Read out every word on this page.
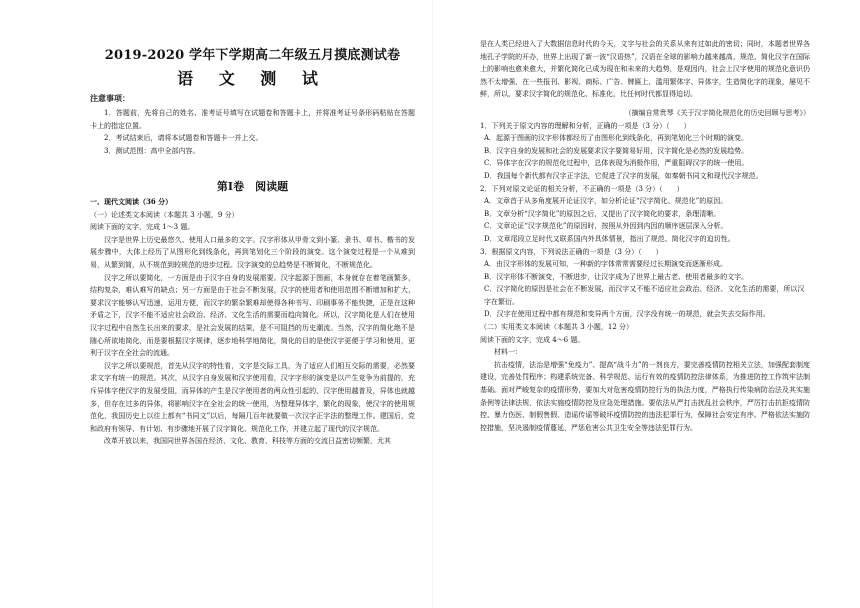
2019-2020 学年下学期高二年级五月摸底测试卷
语 文 测 试
注意事项：

1．答题前，先将自己的姓名、准考证号填写在试题卷和答题卡上，并将准考证号条形码粘贴在答题卡上的指定位置。

2．考试结束后，请将本试题卷和答题卡一并上交。

3．测试范围：高中全部内容。

第Ⅰ卷　阅读题

一、现代文阅读（36 分）

（一）论述类文本阅读（本题共 3 小题，9 分）

阅读下面的文字，完成 1～3 题。

汉字是世界上历史最悠久、使用人口最多的文字。汉字形体从甲骨文到小篆、隶书、草书、楷书的发展步骤中，大体上经历了从图形化到线条化，再到笔划化三个阶段的演变。这个演变过程是一个从难到易，从繁到简，从不规范到较规范的进步过程。汉字演变的总趋势是不断简化，不断规范化。

汉字之所以要简化，一方面是由于汉字自身的发展需要。汉字起源于图画，本身就存在着笔画繁多，结构复杂，难认难写的缺点；另一方面是由于社会不断发展，汉字的使用者和使用范围不断增加和扩大，要求汉字能够认写迅速，运用方便，而汉字的繁杂繁难却使得各种书写、印刷事务不能快捷，正是在这种矛盾之下，汉字不能不适应社会政治、经济、文化生活的需要而趋向简化。所以，汉字简化是人们在使用汉字过程中自然生长出来的要求，是社会发展的结果，是不可阻挡的历史潮流。当然，汉字的简化绝不是随心所欲地简化，而是要根据汉字规律，逐步地科学地简化，简化的目的是使汉字更便于学习和使用，更利于汉字在全社会的流通。

汉字之所以要规范，首先从汉字的特性看，文字是交际工具，为了适应人们相互交际的需要，必然要求文字有统一的规范。其次，从汉字自身发展和汉字使用看，汉字字形的演变是以产生竞争为前提的，充斥异体字使汉字的发展受阻，而异体的产生是汉字使用者的两众性引起的，汉字使用越普及，异体也就越多，但存在过多的异体，将影响汉字在全社会的统一使用，为整理异体字，繁化的现象，使汉字的使用规范化，我国历史上以往上都有“书同文”以后，每隔几百年就要做一次汉字正字法的整理工作。建国后，党和政府有领导、有计划、有步骤地开展了汉字简化、规范化工作，并建立起了现代的汉字规范。

改革开放以来，我国同世界各国在经济、文化、教育、科技等方面的交流日益密切频繁，尤其

是在人类已经进入了大数据信息时代的今天，文字与社会的关系从来有过如此的密切；同时，本题者世界各地孔子学院的开办，世界上出现了新一波“汉语热”，汉语在全球的影响力越来越高，规范、简化汉字在国际上的影响也愈来愈大，并繁化简化已成为现在和未来的大趋势，是观因内，社会上汉字使用的规范化意识仍然不太增强，在一些报刊、影视、商标、广告、牌匾上，滥用繁体字、异体字，生造简化字的现象，屡见不鲜，所以，要求汉字简化的规范化、标准化，比任何时代都显得迫切。

（摘编自常贵琴《关于汉字简化规范化的历史回顾与思考》）

1．下列关于原文内容的理解和分析，正确的一项是（3 分）（　　）

A．起源于图画的汉字形体都经历了由图形化到线条化，再到笔划化三个时期的演变。

B．汉字自身的发展和社会的发展要求汉字要简易好用，汉字简化是必然的发展趋势。

C．异体字在汉字的规范化过程中，总体表现为消极作用，严重阻碍汉字的统一使用。

D．我国每个新代都有汉字正字法，它促进了汉字的发展，如秦朝书同文和现代汉字规范。

2．下列对原文论证的相关分析，不正确的一项是（3 分）（　　）

A．文章首于从多角度展开论证汉字，如分析论证“汉字简化、规范化”的原因。

B．文章分析“汉字简化”的原因之后，又提出了汉字简化的要求，条理清晰。

C．文章论证“汉字规范化”的原因时，按照从外因到内因的顺序逐层深入分析。

D．文章尾段立足时代又联系国内外具体情景，指出了规范、简化汉字的迫切性。

3．根据原文内容，下列说法正确的一项是（3 分）（　　）

A．由汉字形体的发展可知，一种新的字体常常需要经过长期演变而逐渐形成。

B．汉字形体不断演变，不断进步，让汉字成为了世界上最古老、使用者最多的文字。

C．汉字简化的原因是社会在不断发展，而汉字又不能不适应社会政治、经济、文化生活的需要，所以汉字在繁衍。

D．汉字在使用过程中都有规范和变异两个方面，汉字没有统一的规范，就会失去交际作用。

（二）实用类文本阅读（本题共 3 小题，12 分）

阅读下面的文字，完成 4～6 题。

材料一：

抗击疫情，法治是增强“免疫力”、提高“战斗力”的一剂良方，要完善疫情防控相关立法，加强配套制度建设，完善处罚程序；构建系统完备、科学规范、运行有效的疫情防控法律体系，为推进防控工作筑牢法制基础。面对严峻复杂的疫情形势，要加大对危害疫情防控行为的执法力度，严格执行传染病防治法及其实施条例等法律法规，依法实施疫情防控及应急处理措施。要依法从严打击扰乱社会秩序，严厉打击抗拒疫情防控、暴力伤医、制假售假、造谣传谣等破坏疫情防控的违法犯罪行为，保障社会安定有序。严格依法实施防控措施，坚决遏制疫情蔓延，严惩危害公共卫生安全等违法犯罪行为。
